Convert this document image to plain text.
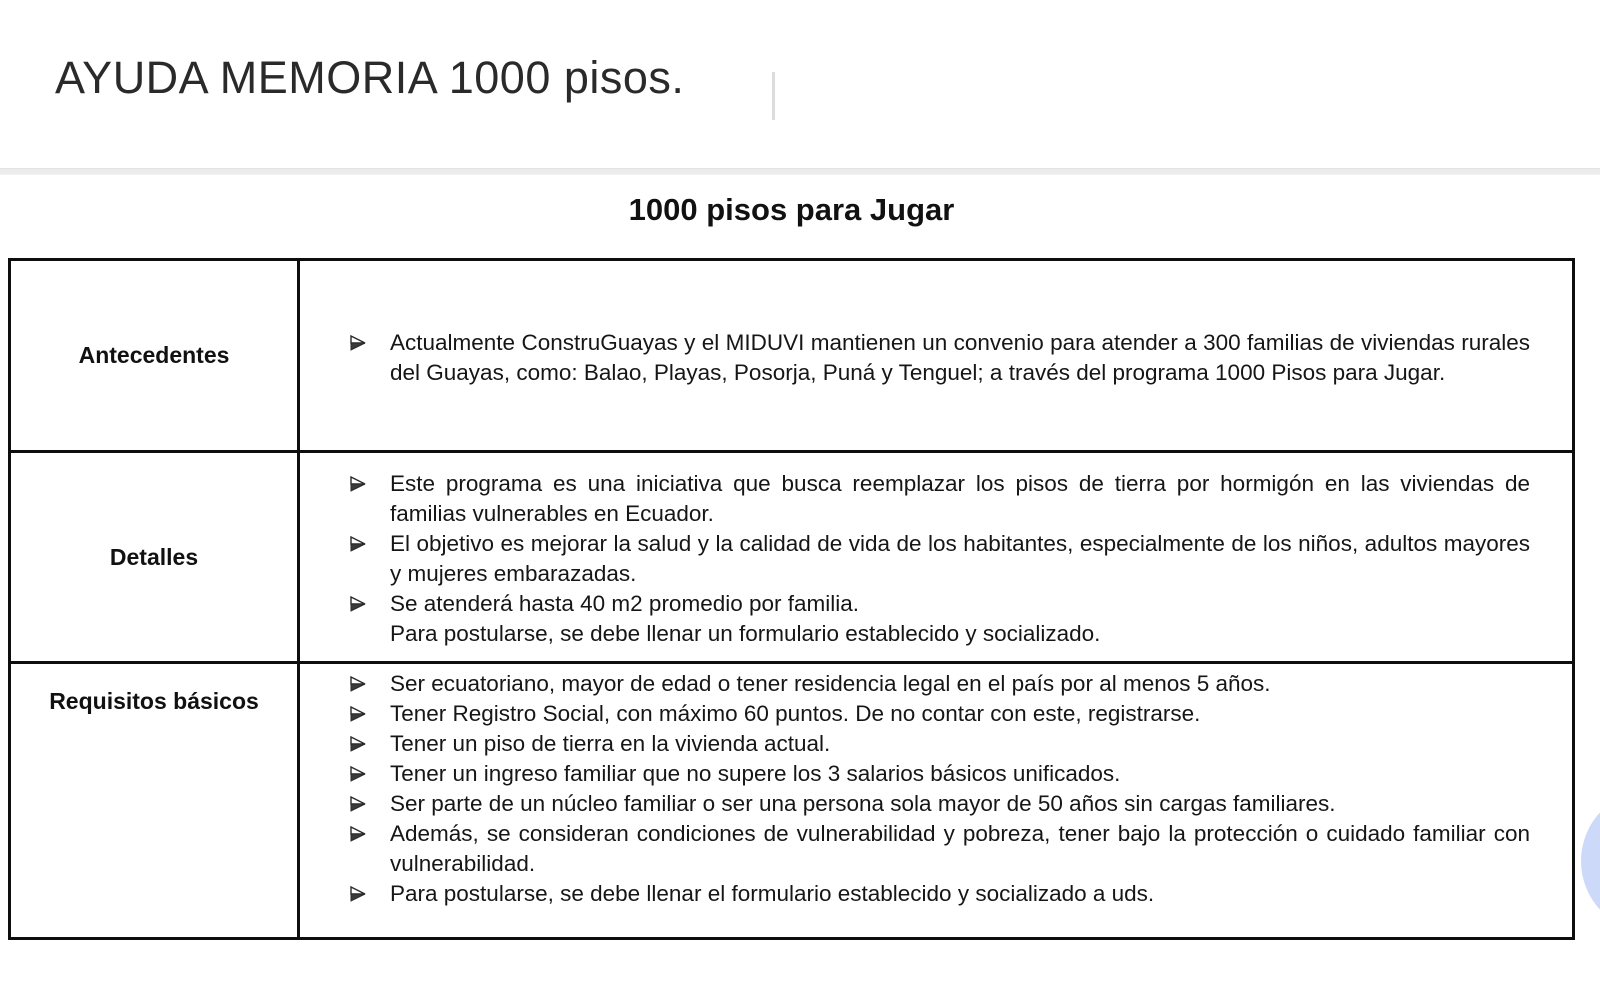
AYUDA MEMORIA 1000 pisos.
1000 pisos para Jugar
Antecedentes	Actualmente ConstruGuayas y el MIDUVI mantienen un convenio para atender a 300 familias de viviendas rurales del Guayas, como: Balao, Playas, Posorja, Puná y Tenguel; a través del programa 1000 Pisos para Jugar.
Detalles
Este programa es una iniciativa que busca reemplazar los pisos de tierra por hormigón en las viviendas de familias vulnerables en Ecuador.
El objetivo es mejorar la salud y la calidad de vida de los habitantes, especialmente de los niños, adultos mayores y mujeres embarazadas.
Se atenderá hasta 40 m2 promedio por familia.
Para postularse, se debe llenar un formulario establecido y socializado.
Requisitos básicos
Ser ecuatoriano, mayor de edad o tener residencia legal en el país por al menos 5 años.
Tener Registro Social, con máximo 60 puntos. De no contar con este, registrarse.
Tener un piso de tierra en la vivienda actual.
Tener un ingreso familiar que no supere los 3 salarios básicos unificados.
Ser parte de un núcleo familiar o ser una persona sola mayor de 50 años sin cargas familiares.
Además, se consideran condiciones de vulnerabilidad y pobreza, tener bajo la protección o cuidado familiar con vulnerabilidad.
Para postularse, se debe llenar el formulario establecido y socializado a uds.
